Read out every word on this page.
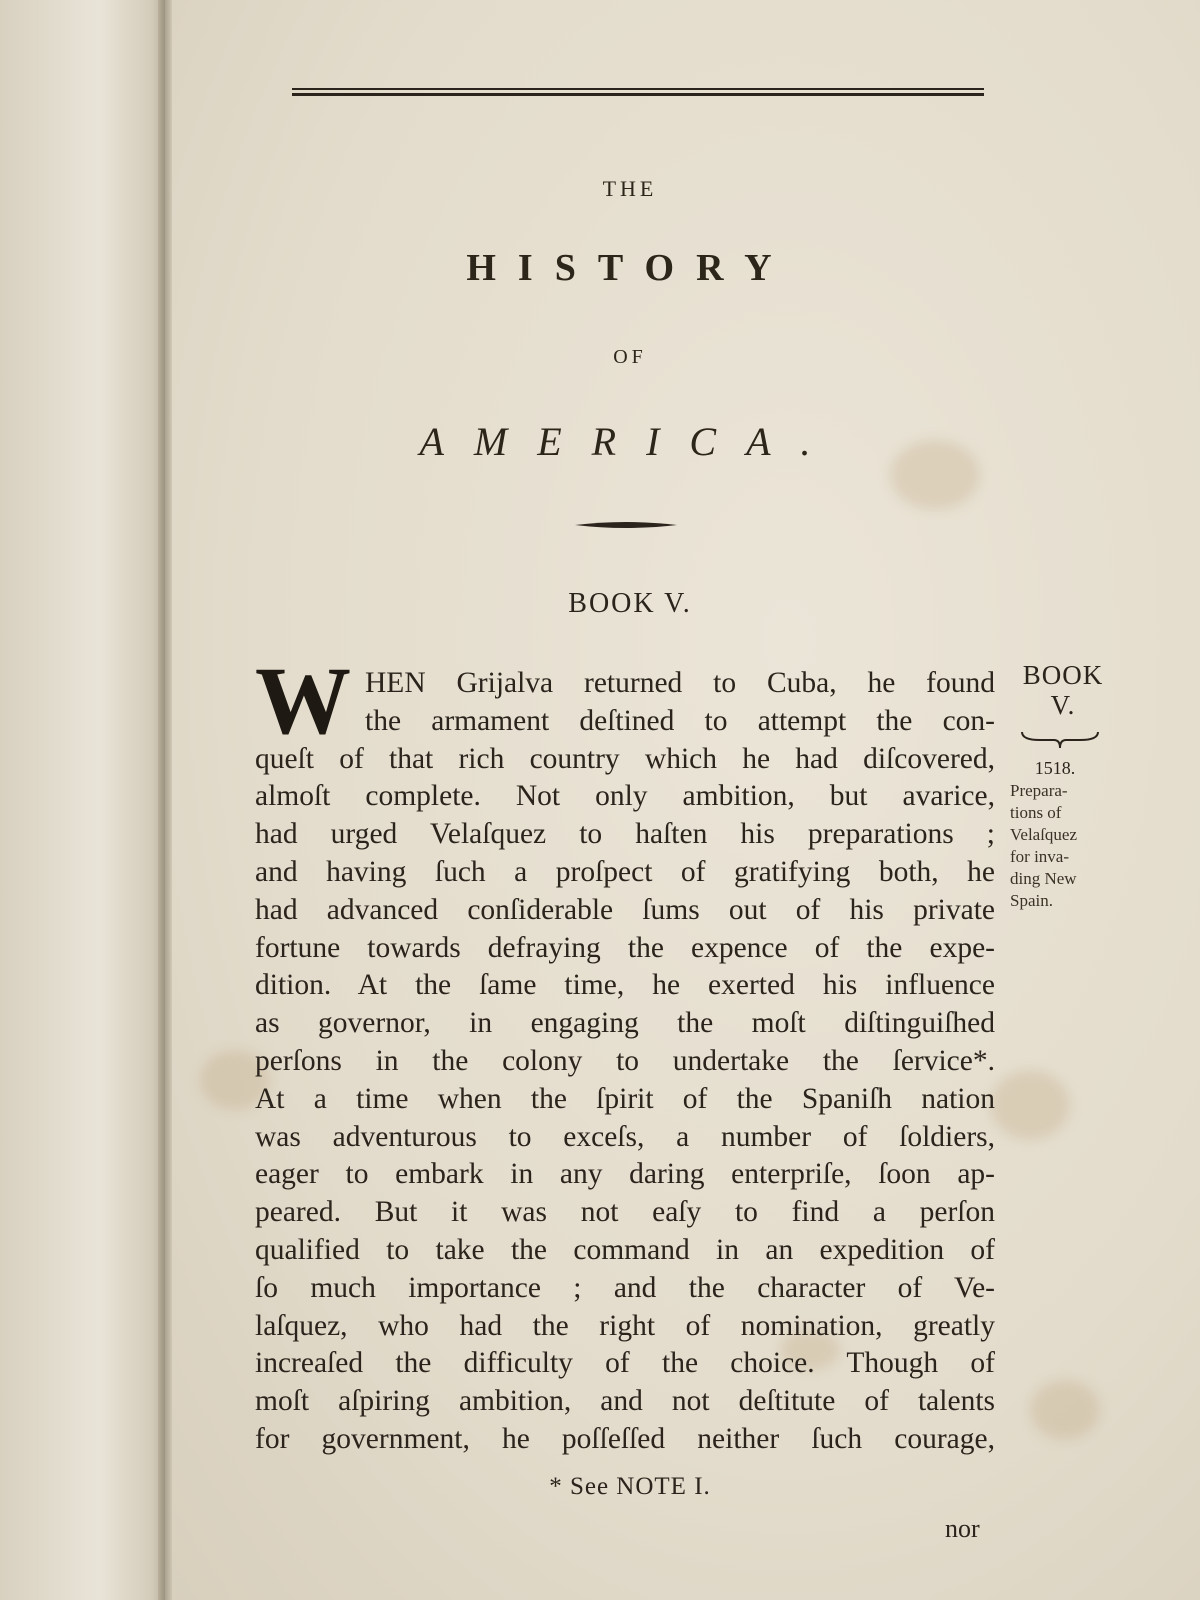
THE
HISTORY
OF
AMERICA.
BOOK V.
W HEN Grijalva returned to Cuba, he found
the armament deſtined to attempt the con-
queſt of that rich country which he had diſcovered,
almoſt complete. Not only ambition, but avarice,
had urged Velaſquez to haſten his preparations ;
and having ſuch a proſpect of gratifying both, he
had advanced conſiderable ſums out of his private
fortune towards defraying the expence of the expe-
dition. At the ſame time, he exerted his influence
as governor, in engaging the moſt diſtinguiſhed
perſons in the colony to undertake the ſervice*.
At a time when the ſpirit of the Spaniſh nation
was adventurous to exceſs, a number of ſoldiers,
eager to embark in any daring enterpriſe, ſoon ap-
peared. But it was not eaſy to find a perſon
qualified to take the command in an expedition of
ſo much importance ; and the character of Ve-
laſquez, who had the right of nomination, greatly
increaſed the difficulty of the choice. Though of
moſt aſpiring ambition, and not deſtitute of talents
for government, he poſſeſſed neither ſuch courage,
BOOK
V.
1518.
Prepara-
tions of
Velaſquez
for inva-
ding New
Spain.
* See NOTE I.
nor
